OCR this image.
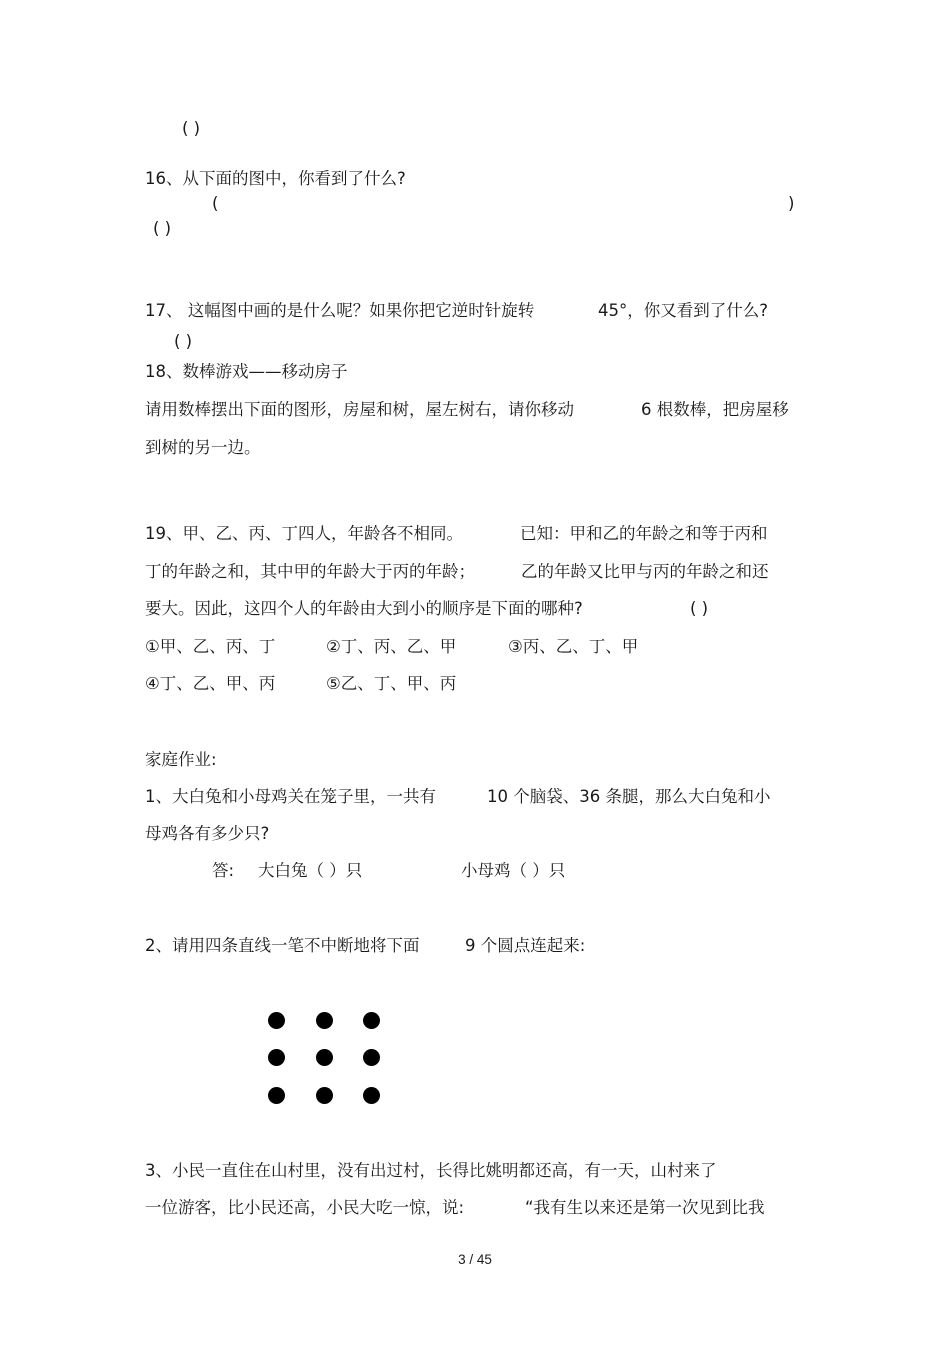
( )
16、从下面的图中，你看到了什么?
(	)
( )
17、 这幅图中画的是什么呢？如果你把它逆时针旋转	45°，你又看到了什么?
( )
18、数棒游戏——移动房子
请用数棒摆出下面的图形，房屋和树，屋左树右，请你移动	6 根数棒，把房屋移
到树的另一边。
19、甲、乙、丙、丁四人，年龄各不相同。	已知：甲和乙的年龄之和等于丙和
丁的年龄之和，其中甲的年龄大于丙的年龄；	乙的年龄又比甲与丙的年龄之和还
要大。因此，这四个人的年龄由大到小的顺序是下面的哪种?	( )
①甲、乙、丙、丁	②丁、丙、乙、甲	③丙、乙、丁、甲
④丁、乙、甲、丙	⑤乙、丁、甲、丙
家庭作业:
1、大白兔和小母鸡关在笼子里，一共有	10 个脑袋、36 条腿，那么大白兔和小
母鸡各有多少只?
答: 大白兔（ ）只	小母鸡（ ）只
2、请用四条直线一笔不中断地将下面	9 个圆点连起来:
3、小民一直住在山村里，没有出过村，长得比姚明都还高，有一天，山村来了
一位游客，比小民还高，小民大吃一惊，说:	“我有生以来还是第一次见到比我
3 / 45
